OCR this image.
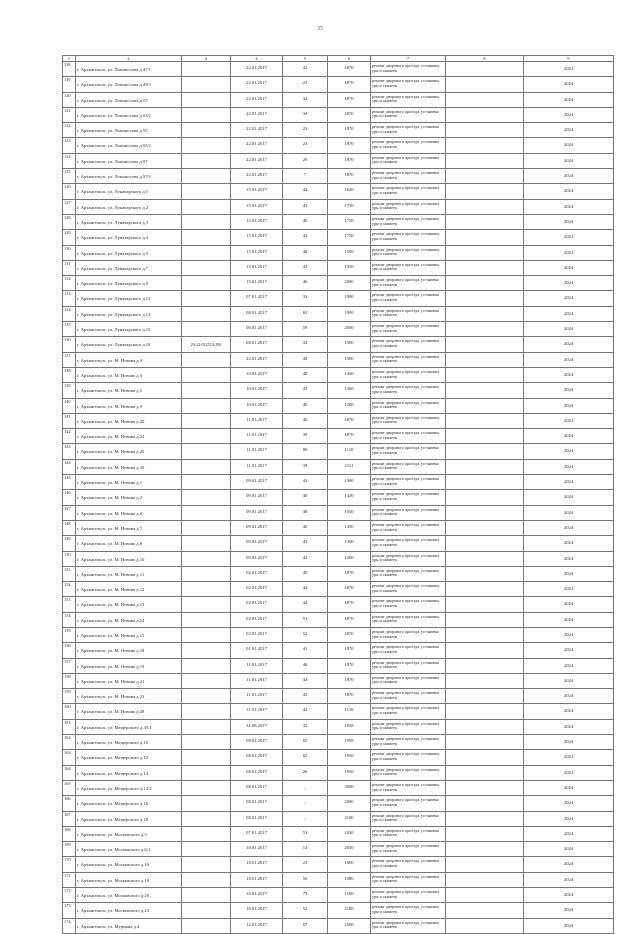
35
1	2	3	4	5	6	7	8	9
118	г. Архангельск, ул. Ломоносова д.47/1		22.01.2017	42	1870	ремонт дворового проезда, установка урн и скамеек		2024
119	г. Архангельск, ул. Ломоносова д.49/1		22.01.2017	23	1870	ремонт дворового проезда, установка урн и скамеек		2024
120	г. Архангельск, ул. Ломоносова д.53		22.01.2017	34	1870	ремонт дворового проезда, установка урн и скамеек		2024
121	г. Архангельск, ул. Ломоносова д.53/1		22.01.2017	34	1870	ремонт дворового проезда, установка урн и скамеек		2024
122	г. Архангельск, ул. Ломоносова д.55		22.01.2017	23	1870	ремонт дворового проезда, установка урн и скамеек		2024
123	г. Архангельск, ул. Ломоносова д.55/1		22.01.2017	23	1870	ремонт дворового проезда, установка урн и скамеек		2024
124	г. Архангельск, ул. Ломоносова д.57		22.01.2017	29	1870	ремонт дворового проезда, установка урн и скамеек		2024
125	г. Архангельск, ул. Ломоносова д.57/1		22.01.2017	7	1870	ремонт дворового проезда, установка урн и скамеек		2024
126	г. Архангельск, ул. Луначарского д.1		15.01.2017	44	1620	ремонт дворового проезда, установка урн и скамеек		2024
127	г. Архангельск, ул. Луначарского д.2		15.01.2017	43	1750	ремонт дворового проезда, установка урн и скамеек		2024
128	г. Архангельск, ул. Луначарского д.3		15.01.2017	46	1750	ремонт дворового проезда, установка урн и скамеек		2024
129	г. Архангельск, ул. Луначарского д.4		15.01.2017	43	1750	ремонт дворового проезда, установка урн и скамеек		2024
130	г. Архангельск, ул. Луначарского д.5		15.01.2017	48	1500	ремонт дворового проезда, установка урн и скамеек		2024
131	г. Архангельск, ул. Луначарского д.7		15.01.2017	43	1550	ремонт дворового проезда, установка урн и скамеек		2024
132	г. Архангельск, ул. Луначарского д.9		15.01.2017	46	2000	ремонт дворового проезда, установка урн и скамеек		2024
133	г. Архангельск, ул. Луначарского д.11		07.01.2017	32	1980	ремонт дворового проезда, установка урн и скамеек		2024
134	г. Архангельск, ул. Луначарского д.13		08.01.2017	65	1990	ремонт дворового проезда, установка урн и скамеек		2024
135	г. Архангельск, ул. Луначарского д.15		08.01.2017	59	2000	ремонт дворового проезда, установка урн и скамеек		2024
136	г. Архангельск, ул. Луначарского д.18	29:22:012510:290	08.01.2017	34	1500	ремонт дворового проезда, установка урн и скамеек		2024
137	г. Архангельск, ул. М. Новова д.3		22.01.2017	48	1500	ремонт дворового проезда, установка урн и скамеек		2024
138	г. Архангельск, ул. М. Новова д.4		10.01.2017	48	1450	ремонт дворового проезда, установка урн и скамеек		2024
139	г. Архангельск, ул. М. Новова д.5		10.01.2017	43	1360	ремонт дворового проезда, установка урн и скамеек		2024
140	г. Архангельск, ул. М. Новова д.9		10.01.2017	46	1200	ремонт дворового проезда, установка урн и скамеек		2024
141	г. Архангельск, ул. М. Новова д.20		11.01.2017	46	1870	ремонт дворового проезда, установка урн и скамеек		2024
142	г. Архангельск, ул. М. Новова д.24		11.01.2017	39	1870	ремонт дворового проезда, установка урн и скамеек		2024
143	г. Архангельск, ул. М. Новова д.25		11.01.2017	80	1110	ремонт дворового проезда, установка урн и скамеек		2024
144	г. Архангельск, ул. М. Новова д.30		11.01.2017	39	2151	ремонт дворового проезда, установка урн и скамеек		2024
145	г. Архангельск, ул. М. Новова д.1		09.01.2017	42	1300	ремонт дворового проезда, установка урн и скамеек		2024
146	г. Архангельск, ул. М. Новова д.2		09.01.2017	40	1320	ремонт дворового проезда, установка урн и скамеек		2024
147	г. Архангельск, ул. М. Новова д.6		09.01.2017	48	1550	ремонт дворового проезда, установка урн и скамеек		2024
148	г. Архангельск, ул. М. Новова д.7		09.01.2017	40	1450	ремонт дворового проезда, установка урн и скамеек		2024
149	г. Архангельск, ул. М. Новова д.8		09.01.2017	43	1300	ремонт дворового проезда, установка урн и скамеек		2024
150	г. Архангельск, ул. М. Новова д.10		09.01.2017	42	1200	ремонт дворового проезда, установка урн и скамеек		2024
151	г. Архангельск, ул. М. Новова д.11		02.01.2017	40	1870	ремонт дворового проезда, установка урн и скамеек		2024
152	г. Архангельск, ул. М. Новова д.12		02.01.2017	44	1870	ремонт дворового проезда, установка урн и скамеек		2024
153	г. Архангельск, ул. М. Новова д.13		02.01.2017	44	1870	ремонт дворового проезда, установка урн и скамеек		2024
154	г. Архангельск, ул. М. Новова д.14		02.01.2017	51	1870	ремонт дворового проезда, установка урн и скамеек		2024
155	г. Архангельск, ул. М. Новова д.15		02.01.2017	52	1870	ремонт дворового проезда, установка урн и скамеек		2024
156	г. Архангельск, ул. М. Новова д.18		01.01.2017	41	1870	ремонт дворового проезда, установка урн и скамеек		2024
157	г. Архангельск, ул. М. Новова д.19		11.01.2017	46	1870	ремонт дворового проезда, установка урн и скамеек		2024
158	г. Архангельск, ул. М. Новова д.21		11.01.2017	44	1870	ремонт дворового проезда, установка урн и скамеек		2024
159	г. Архангельск, ул. М. Новова д.23		11.01.2017	45	1870	ремонт дворового проезда, установка урн и скамеек		2024
160	г. Архангельск, ул. М. Новова д.28		11.01.2017	42	1110	ремонт дворового проезда, установка урн и скамеек		2024
161	г. Архангельск, ул. Мещерского д.35/1		31.08.2017	32	1058	ремонт дворового проезда, установка урн и скамеек		2024
162	г. Архангельск, ул. Мещерского д.10		08.01.2017	65	1958	ремонт дворового проезда, установка урн и скамеек		2024
163	г. Архангельск, ул. Мещерского д.13		08.01.2017	65	1950	ремонт дворового проезда, установка урн и скамеек		2024
164	г. Архангельск, ул. Мещерского д.14		08.01.2017	26	1950	ремонт дворового проезда, установка урн и скамеек		2024
165	г. Архангельск, ул. Мещерского д.14/2		08.01.2017	_	3000	ремонт дворового проезда, установка урн и скамеек		2024
166	г. Архангельск, ул. Мещерского д.16		08.01.2017	_	2000	ремонт дворового проезда, установка урн и скамеек		2024
167	г. Архангельск, ул. Мещерского д.18		08.01.2017	_	2100	ремонт дворового проезда, установка урн и скамеек		2024
168	г. Архангельск, ул. Московского д.5		07.01.2017	53	2020	ремонт дворового проезда, установка урн и скамеек		2024
169	г. Архангельск, ул. Московского д.6/1		18.01.2017	12	2050	ремонт дворового проезда, установка урн и скамеек		2024
170	г. Архангельск, ул. Московского д.16		18.01.2017	23	1600	ремонт дворового проезда, установка урн и скамеек		2024
171	г. Архангельск, ул. Московского д.18		18.01.2017	56	1086	ремонт дворового проезда, установка урн и скамеек		2024
172	г. Архангельск, ул. Московского д.20		16.01.2017	73	1500	ремонт дворового проезда, установка урн и скамеек		2024
173	г. Архангельск, ул. Московского д.23		16.01.2017	52	2180	ремонт дворового проезда, установка урн и скамеек		2024
174	г. Архангельск, ул. Мурмана д.4		12.01.2017	67	2500	ремонт дворового проезда, установка урн и скамеек		2024
